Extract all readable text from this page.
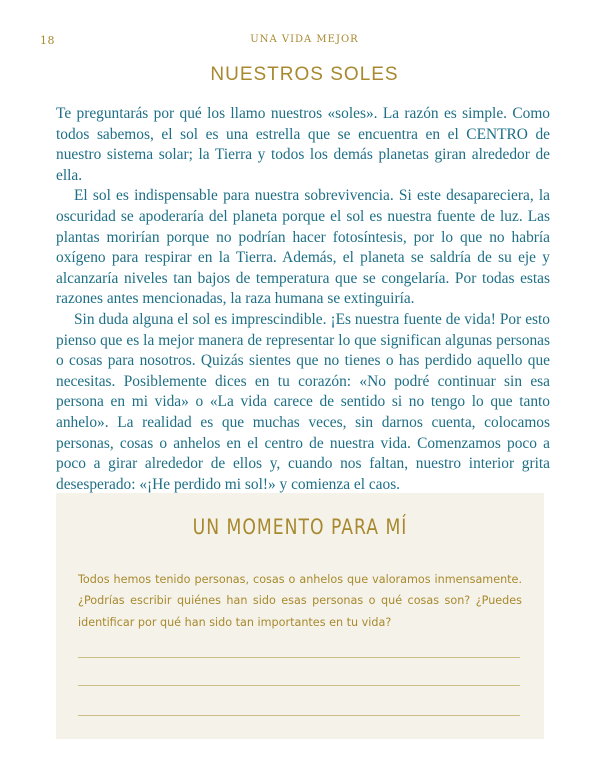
18	UNA VIDA MEJOR
NUESTROS SOLES

Te preguntarás por qué los llamo nuestros «soles». La razón es simple. Como todos sabemos, el sol es una estrella que se encuentra en el CENTRO de nuestro sistema solar; la Tierra y todos los demás planetas giran alrededor de ella.

El sol es indispensable para nuestra sobrevivencia. Si este desapareciera, la oscuridad se apoderaría del planeta porque el sol es nuestra fuente de luz. Las plantas morirían porque no podrían hacer fotosíntesis, por lo que no habría oxígeno para respirar en la Tierra. Además, el planeta se saldría de su eje y alcanzaría niveles tan bajos de temperatura que se congelaría. Por todas estas razones antes mencionadas, la raza humana se extinguiría.

Sin duda alguna el sol es imprescindible. ¡Es nuestra fuente de vida! Por esto pienso que es la mejor manera de representar lo que significan algunas personas o cosas para nosotros. Quizás sientes que no tienes o has perdido aquello que necesitas. Posiblemente dices en tu corazón: «No podré continuar sin esa persona en mi vida» o «La vida carece de sentido si no tengo lo que tanto anhelo». La realidad es que muchas veces, sin darnos cuenta, colocamos personas, cosas o anhelos en el centro de nuestra vida. Comenzamos poco a poco a girar alrededor de ellos y, cuando nos faltan, nuestro interior grita desesperado: «¡He perdido mi sol!» y comienza el caos.

UN MOMENTO PARA MÍ

Todos hemos tenido personas, cosas o anhelos que valoramos inmensamente. ¿Podrías escribir quiénes han sido esas personas o qué cosas son? ¿Puedes identificar por qué han sido tan importantes en tu vida?
